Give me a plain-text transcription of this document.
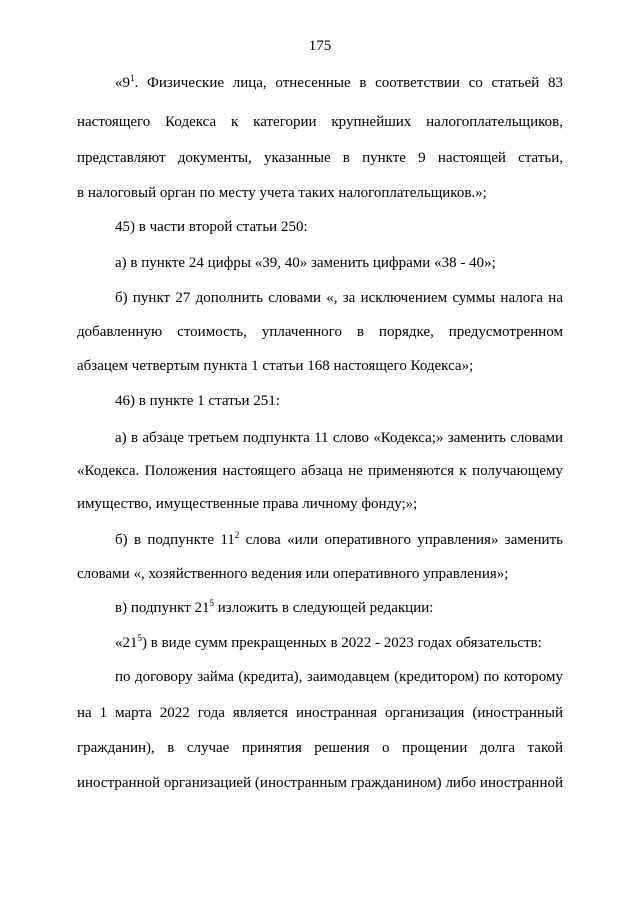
175
«$9^1$. Физические лица, отнесенные в соответствии со статьей 83
настоящего Кодекса к категории крупнейших налогоплательщиков,
представляют документы, указанные в пункте 9 настоящей статьи,
в налоговый орган по месту учета таких налогоплательщиков.»;
45) в части второй статьи 250:
а) в пункте 24 цифры «39, 40» заменить цифрами «38 - 40»;
б) пункт 27 дополнить словами «, за исключением суммы налога на
добавленную стоимость, уплаченного в порядке, предусмотренном
абзацем четвертым пункта 1 статьи 168 настоящего Кодекса»;
46) в пункте 1 статьи 251:
а) в абзаце третьем подпункта 11 слово «Кодекса;» заменить словами
«Кодекса. Положения настоящего абзаца не применяются к получающему
имущество, имущественные права личному фонду;»;
б) в подпункте $11^2$ слова «или оперативного управления» заменить
словами «, хозяйственного ведения или оперативного управления»;
в) подпункт $21^5$ изложить в следующей редакции:
«$21^5$) в виде сумм прекращенных в 2022 - 2023 годах обязательств:
по договору займа (кредита), заимодавцем (кредитором) по которому
на 1 марта 2022 года является иностранная организация (иностранный
гражданин), в случае принятия решения о прощении долга такой
иностранной организацией (иностранным гражданином) либо иностранной
